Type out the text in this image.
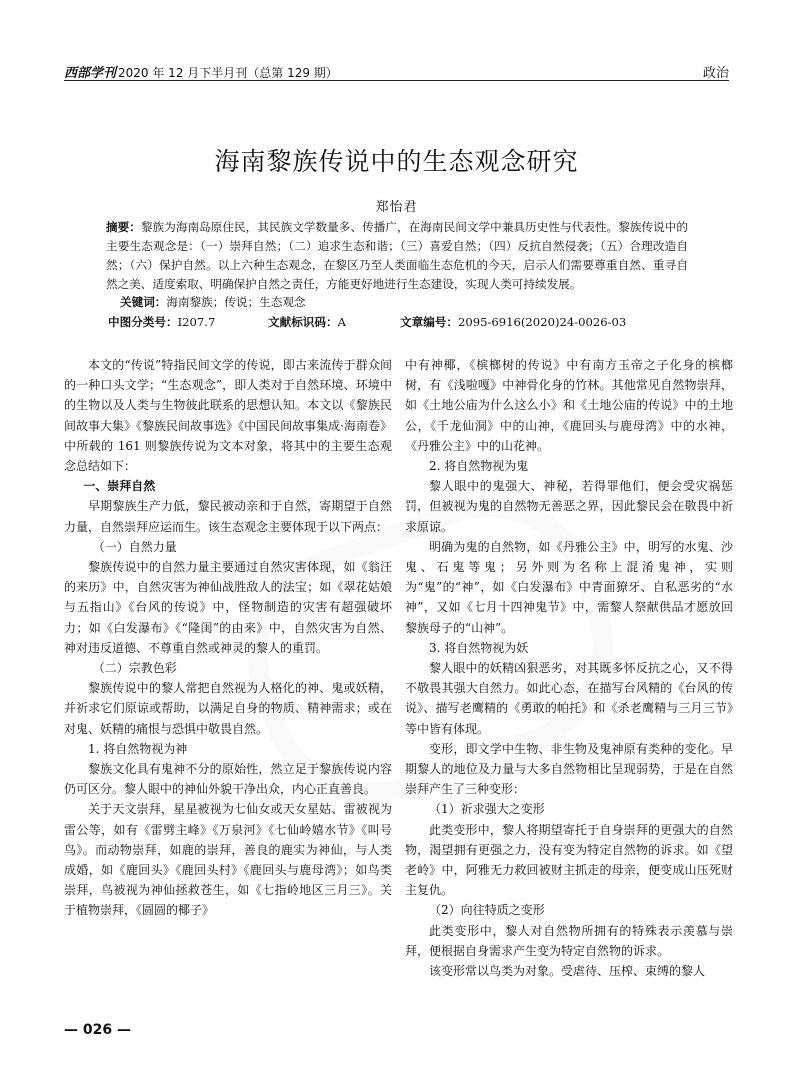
西部学刊 2020 年 12 月下半月刊（总第 129 期）	政治
海南黎族传说中的生态观念研究
郑怡君
摘要：黎族为海南岛原住民，其民族文学数量多、传播广，在海南民间文学中兼具历史性与代表性。黎族传说中的主要生态观念是：（一）崇拜自然；（二）追求生态和谐；（三）喜爱自然；（四）反抗自然侵袭；（五）合理改造自然；（六）保护自然。以上六种生态观念，在黎区乃至人类面临生态危机的今天，启示人们需要尊重自然、重寻自然之美、适度索取、明确保护自然之责任，方能更好地进行生态建设，实现人类可持续发展。
关键词：海南黎族；传说；生态观念
中图分类号：I207.7	文献标识码：A	文章编号：2095-6916(2020)24-0026-03

本文的“传说”特指民间文学的传说，即古来流传于群众间的一种口头文学；“生态观念”，即人类对于自然环境、环境中的生物以及人类与生物彼此联系的思想认知。本文以《黎族民间故事大集》《黎族民间故事选》《中国民间故事集成·海南卷》中所载的 161 则黎族传说为文本对象，将其中的主要生态观念总结如下：

一、崇拜自然

早期黎族生产力低，黎民被动亲和于自然，寄期望于自然力量，自然崇拜应运而生。该生态观念主要体现于以下两点：

（一）自然力量

黎族传说中的自然力量主要通过自然灾害体现，如《翁汪的来历》中，自然灾害为神仙战胜敌人的法宝；如《翠花姑娘与五指山》《台风的传说》中，怪物制造的灾害有超强破坏力；如《白发瀑布》《“隆闺”的由来》中，自然灾害为自然、神对违反道德、不尊重自然或神灵的黎人的重罚。

（二）宗教色彩

黎族传说中的黎人常把自然视为人格化的神、鬼或妖精，并祈求它们原谅或帮助，以满足自身的物质、精神需求；或在对鬼、妖精的痛恨与恐惧中敬畏自然。

1. 将自然物视为神

黎族文化具有鬼神不分的原始性，然立足于黎族传说内容仍可区分。黎人眼中的神仙外貌干净出众，内心正直善良。

关于天文崇拜，星星被视为七仙女或天女星姑、雷被视为雷公等，如有《雷劈主峰》《万泉河》《七仙岭嬉水节》《叫号鸟》。而动物崇拜，如鹿的崇拜，善良的鹿实为神仙，与人类成婚，如《鹿回头》《鹿回头村》《鹿回头与鹿母湾》；如鸟类崇拜，鸟被视为神仙拯救苍生，如《七指岭地区三月三》。关于植物崇拜，《圆圆的椰子》

中有神椰，《槟榔树的传说》中有南方玉帝之子化身的槟榔树，有《浅啦嘎》中神骨化身的竹林。其他常见自然物崇拜，如《土地公庙为什么这么小》和《土地公庙的传说》中的土地公，《千龙仙洞》中的山神，《鹿回头与鹿母湾》中的水神，《丹雅公主》中的山花神。

2. 将自然物视为鬼

黎人眼中的鬼强大、神秘，若得罪他们，便会受灾祸惩罚，但被视为鬼的自然物无善恶之界，因此黎民会在敬畏中祈求原谅。

明确为鬼的自然物，如《丹雅公主》中，明写的水鬼、沙鬼、石鬼等鬼；另外则为名称上混淆鬼神，实则为“鬼”的“神”，如《白发瀑布》中青面獠牙、自私恶劣的“水神”，又如《七月十四神鬼节》中，需黎人祭献供品才愿放回黎族母子的“山神”。

3. 将自然物视为妖

黎人眼中的妖精凶狠恶劣，对其既多怀反抗之心，又不得不敬畏其强大自然力。如此心态，在描写台风精的《台风的传说》、描写老鹰精的《勇敢的帕托》和《杀老鹰精与三月三节》等中皆有体现。

变形，即文学中生物、非生物及鬼神原有类种的变化。早期黎人的地位及力量与大多自然物相比呈现弱势，于是在自然崇拜产生了三种变形：

（1）祈求强大之变形

此类变形中，黎人将期望寄托于自身崇拜的更强大的自然物，渴望拥有更强之力，没有变为特定自然物的诉求。如《望老岭》中，阿雅无力救回被财主抓走的母亲，便变成山压死财主复仇。

（2）向往特质之变形

此类变形中，黎人对自然物所拥有的特殊表示羡慕与崇拜，便根据自身需求产生变为特定自然物的诉求。

该变形常以鸟类为对象。受虐待、压榨、束缚的黎人

— 026 —
